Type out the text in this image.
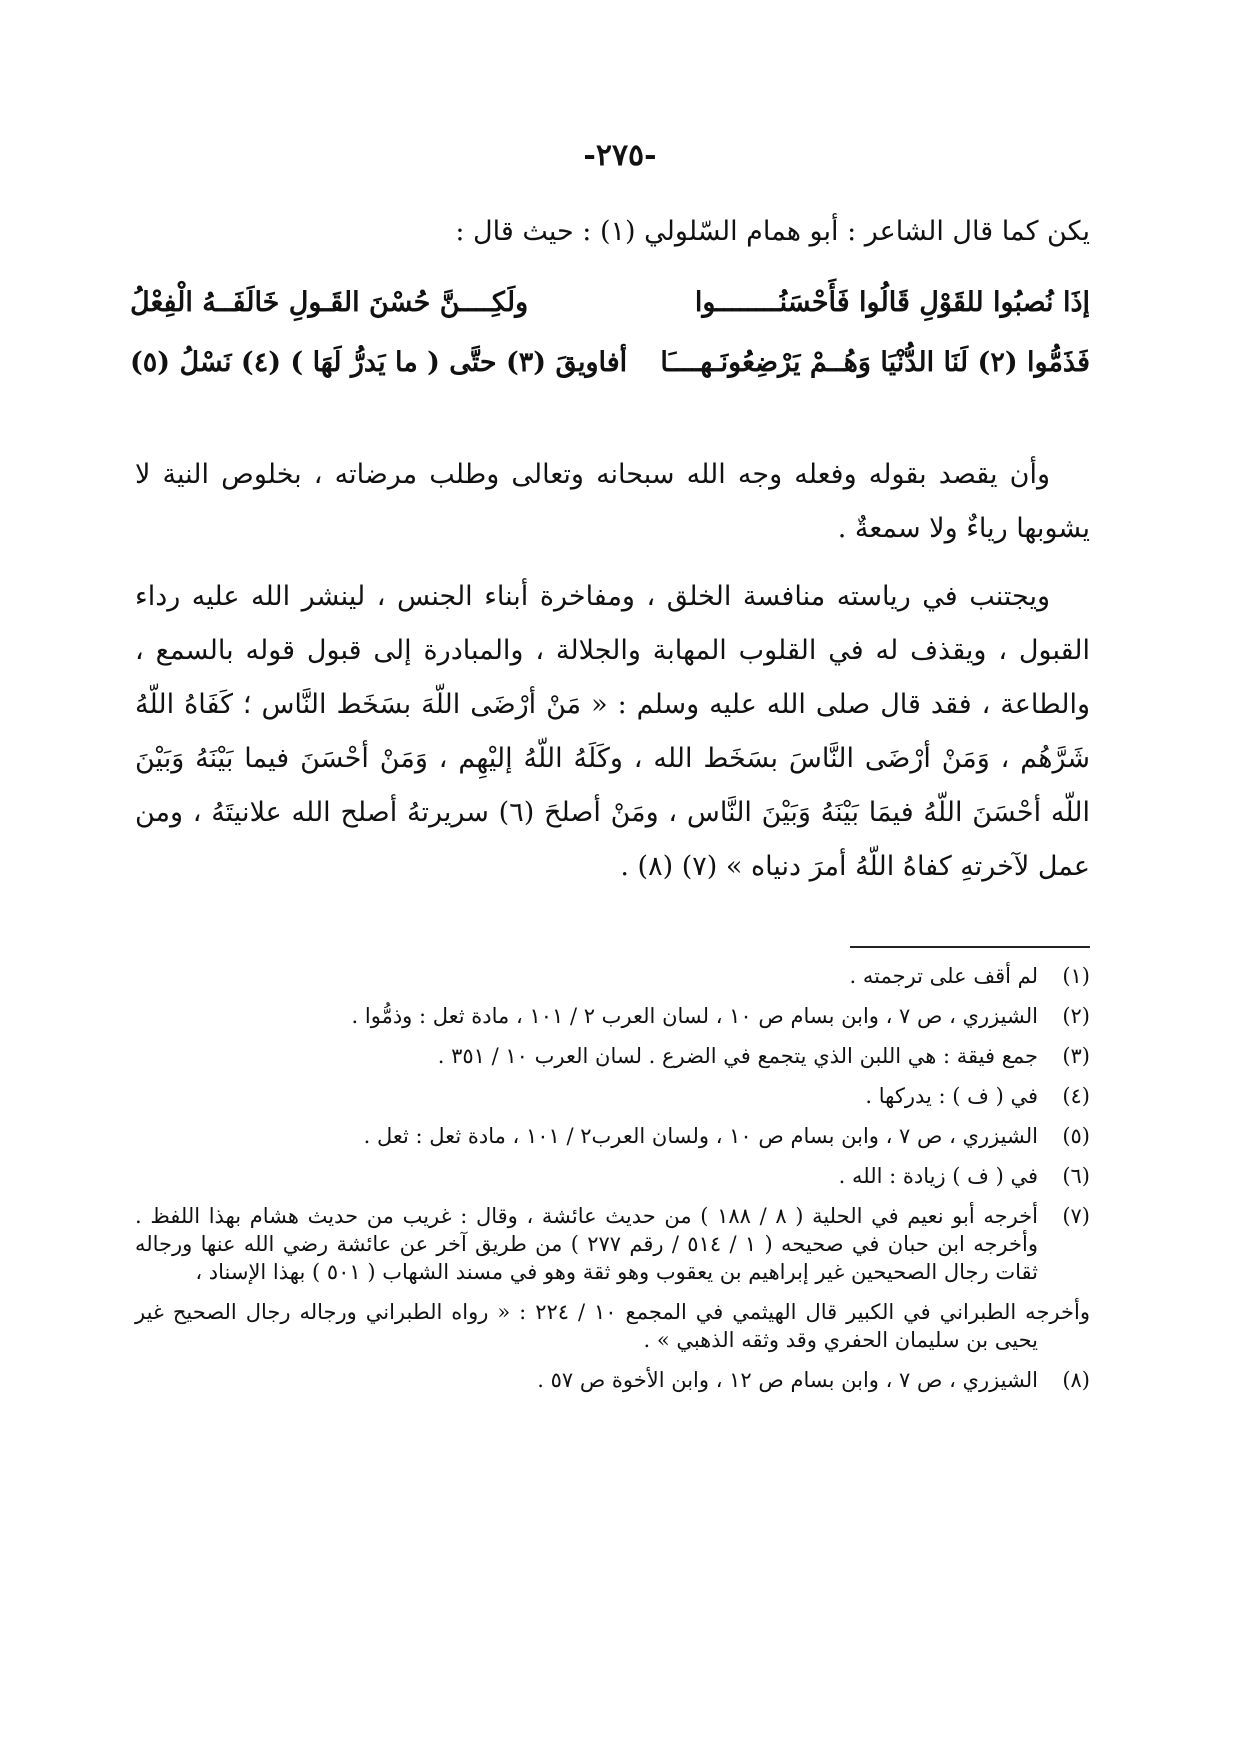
-٢٧٥-
يكن كما قال الشاعر : أبو همام السّلولي (١) : حيث قال :
إذَا نُصبُوا للقَوْلِ قَالُوا فَأَحْسَنُــــــــوا
ولَكِــــنَّ حُسْنَ القَـولِ خَالَفَــهُ الْفِعْلُ
فَذَمُّوا (٢) لَنَا الدُّنْيَا وَهُــمْ يَرْضِعُونَـهــــَا
أفاويقَ (٣) حتَّى ( ما يَدرُّ لَهَا ) (٤) نَسْلُ (٥)

وأن يقصد بقوله وفعله وجه الله سبحانه وتعالى وطلب مرضاته ، بخلوص النية لا يشوبها رياءٌ ولا سمعةٌ .

ويجتنب في رياسته منافسة الخلق ، ومفاخرة أبناء الجنس ، لينشر الله عليه رداء القبول ، ويقذف له في القلوب المهابة والجلالة ، والمبادرة إلى قبول قوله بالسمع ، والطاعة ، فقد قال صلى الله عليه وسلم : « مَنْ أرْضَى اللّهَ بسَخَط النَّاس ؛ كَفَاهُ اللّهُ شَرَّهُم ، وَمَنْ أرْضَى النَّاسَ بسَخَط الله ، وكَلَهُ اللّهُ إليْهِم ، وَمَنْ أحْسَنَ فيما بَيْنَهُ وَبَيْنَ اللّه أحْسَنَ اللّهُ فيمَا بَيْنَهُ وَبَيْنَ النَّاس ، ومَنْ أصلحَ (٦) سريرتهُ أصلح الله علانيتَهُ ، ومن عمل لآخرتهِ كفاهُ اللّهُ أمرَ دنياه » (٧) (٨) .

(١)لم أقف على ترجمته .

(٢)الشيزري ، ص ٧ ، وابن بسام ص ١٠ ، لسان العرب ٢ / ١٠١ ، مادة ثعل : وذمُّوا .

(٣)جمع فيقة : هي اللبن الذي يتجمع في الضرع . لسان العرب ١٠ / ٣٥١ .

(٤)في ( ف ) : يدركها .

(٥)الشيزري ، ص ٧ ، وابن بسام ص ١٠ ، ولسان العرب٢ / ١٠١ ، مادة ثعل : ثعل .

(٦)في ( ف ) زيادة : الله .

(٧)أخرجه أبو نعيم في الحلية ( ٨ / ١٨٨ ) من حديث عائشة ، وقال : غريب من حديث هشام بهذا اللفظ . وأخرجه ابن حبان في صحيحه ( ١ / ٥١٤ / رقم ٢٧٧ ) من طريق آخر عن عائشة رضي الله عنها ورجاله ثقات رجال الصحيحين غير إبراهيم بن يعقوب وهو ثقة وهو في مسند الشهاب ( ٥٠١ ) بهذا الإسناد ،

وأخرجه الطبراني في الكبير قال الهيثمي في المجمع ١٠ / ٢٢٤ : « رواه الطبراني ورجاله رجال الصحيح غير يحيى بن سليمان الحفري وقد وثقه الذهبي » .

(٨)الشيزري ، ص ٧ ، وابن بسام ص ١٢ ، وابن الأخوة ص ٥٧ .
